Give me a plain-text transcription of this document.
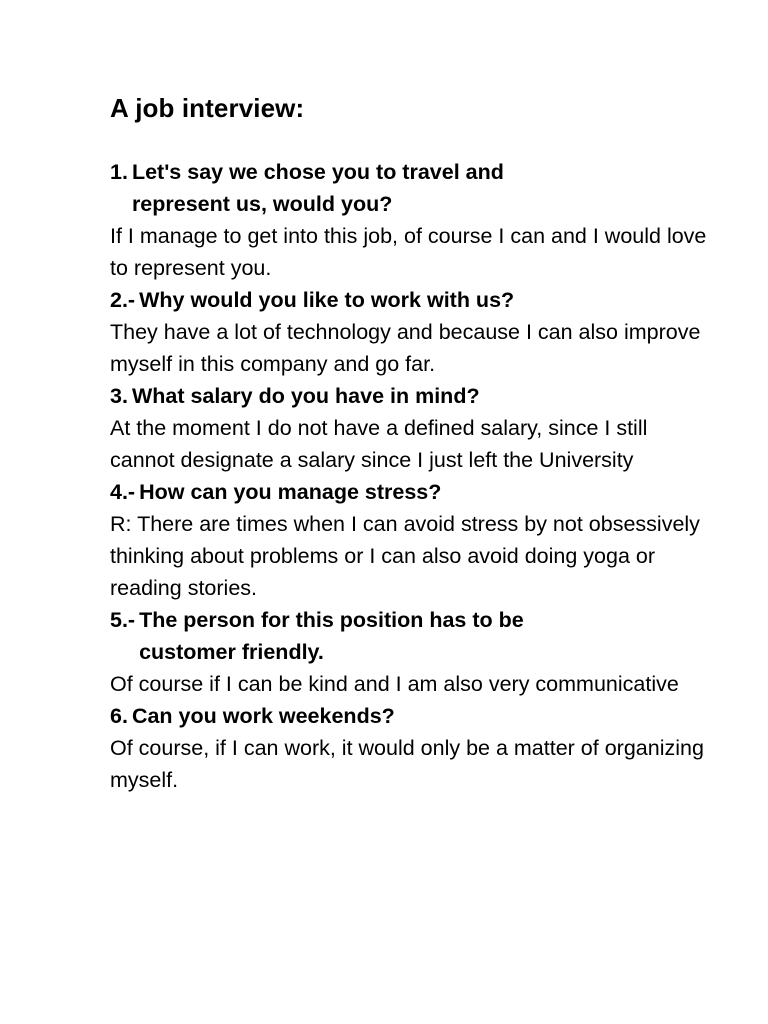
A job interview:
1. Let's say we chose you to travel and represent us, would you?

If I manage to get into this job, of course I can and I would love to represent you.

2.- Why would you like to work with us?

They have a lot of technology and because I can also improve myself in this company and go far.

3. What salary do you have in mind?

At the moment I do not have a defined salary, since I still cannot designate a salary since I just left the University

4.- How can you manage stress?

R: There are times when I can avoid stress by not obsessively thinking about problems or I can also avoid doing yoga or reading stories.

5.- The person for this position has to be customer friendly.

Of course if I can be kind and I am also very communicative

6. Can you work weekends?

Of course, if I can work, it would only be a matter of organizing myself.
